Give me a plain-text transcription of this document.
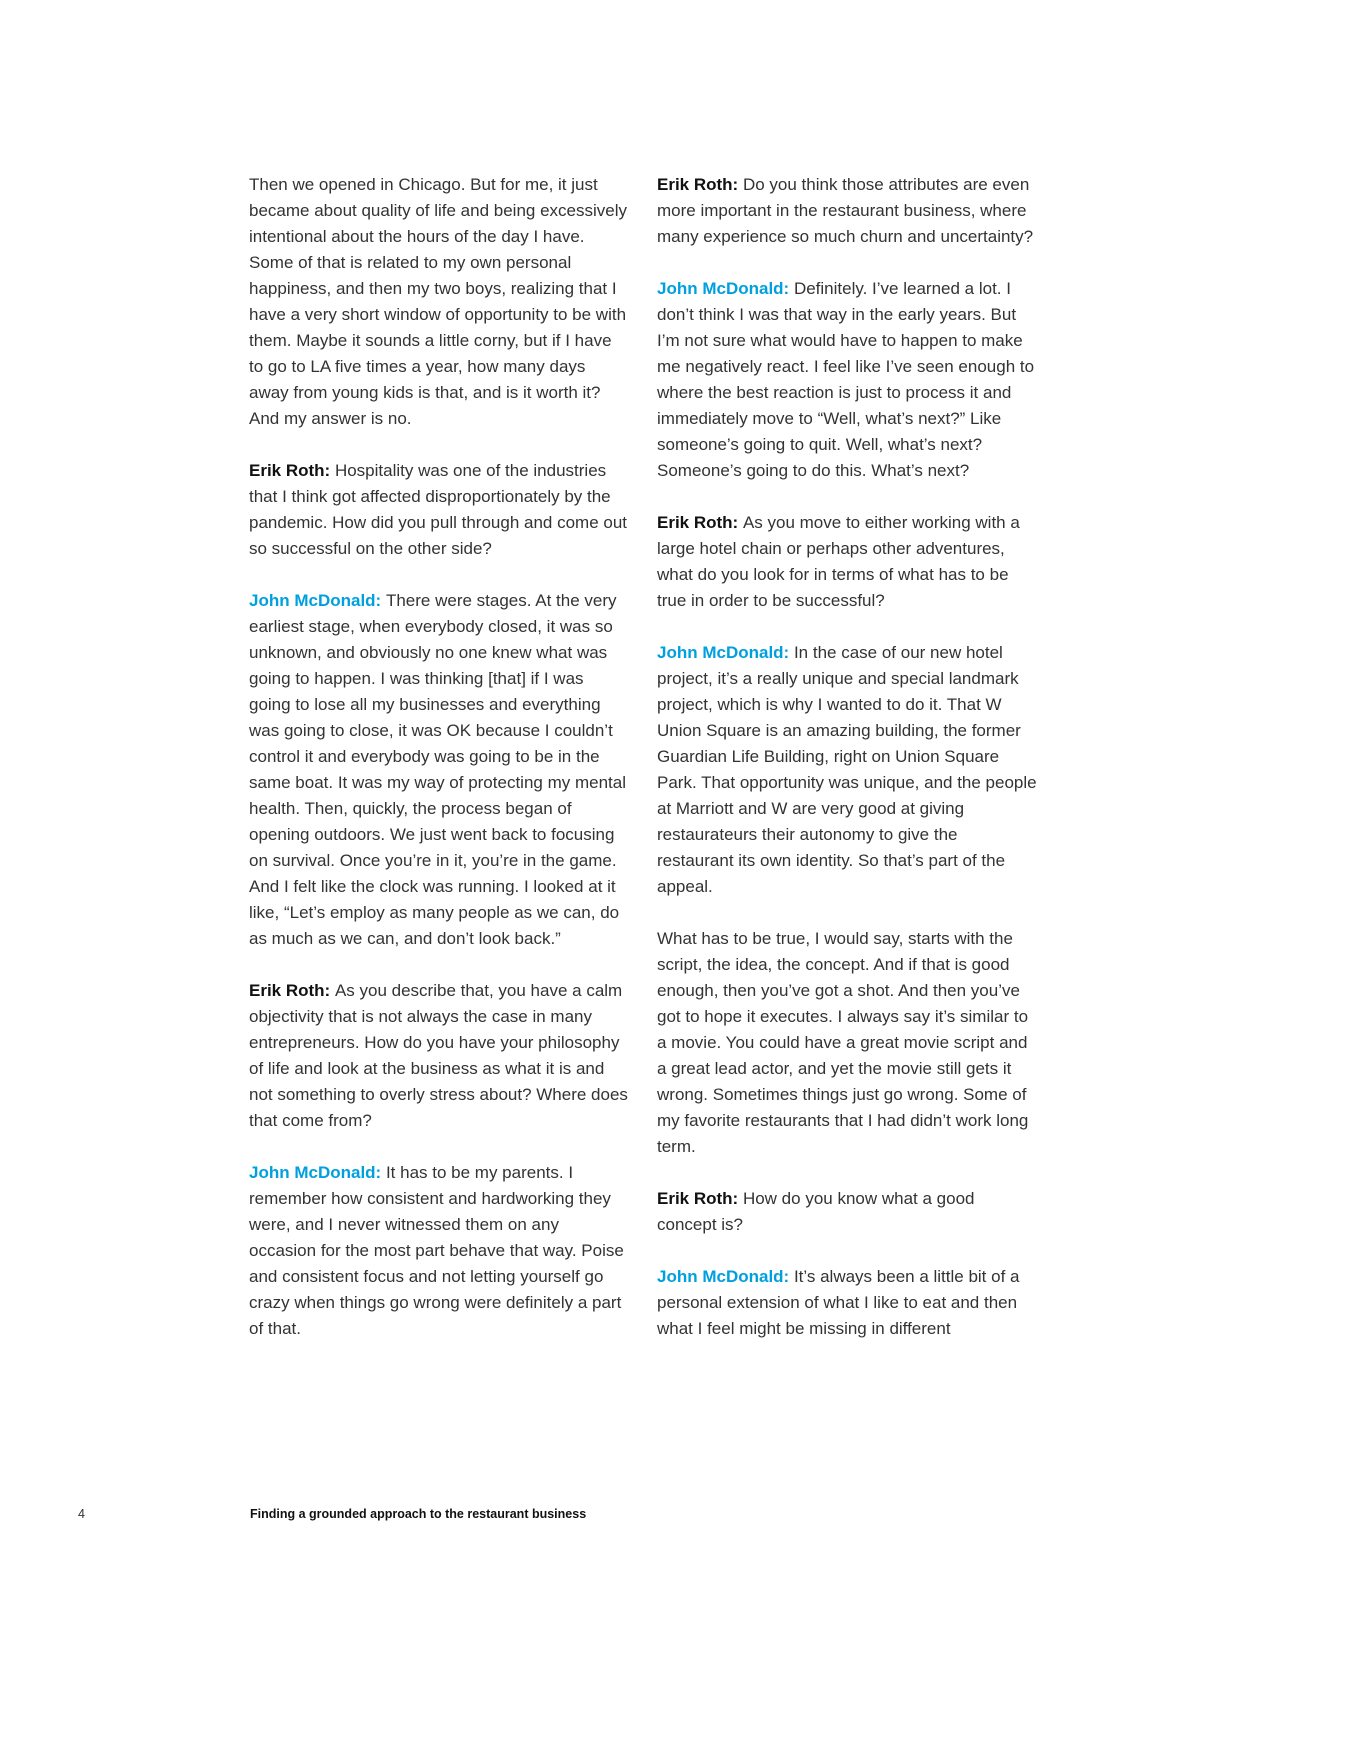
Then we opened in Chicago. But for me, it just became about quality of life and being excessively intentional about the hours of the day I have. Some of that is related to my own personal happiness, and then my two boys, realizing that I have a very short window of opportunity to be with them. Maybe it sounds a little corny, but if I have to go to LA five times a year, how many days away from young kids is that, and is it worth it? And my answer is no.

Erik Roth: Hospitality was one of the industries that I think got affected disproportionately by the pandemic. How did you pull through and come out so successful on the other side?

John McDonald: There were stages. At the very earliest stage, when everybody closed, it was so unknown, and obviously no one knew what was going to happen. I was thinking [that] if I was going to lose all my businesses and everything was going to close, it was OK because I couldn’t control it and everybody was going to be in the same boat. It was my way of protecting my mental health. Then, quickly, the process began of opening outdoors. We just went back to focusing on survival. Once you’re in it, you’re in the game. And I felt like the clock was running. I looked at it like, “Let’s employ as many people as we can, do as much as we can, and don’t look back.”

Erik Roth: As you describe that, you have a calm objectivity that is not always the case in many entrepreneurs. How do you have your philosophy of life and look at the business as what it is and not something to overly stress about? Where does that come from?

John McDonald: It has to be my parents. I remember how consistent and hardworking they were, and I never witnessed them on any occasion for the most part behave that way. Poise and consistent focus and not letting yourself go crazy when things go wrong were definitely a part of that.

Erik Roth: Do you think those attributes are even more important in the restaurant business, where many experience so much churn and uncertainty?

John McDonald: Definitely. I’ve learned a lot. I don’t think I was that way in the early years. But I’m not sure what would have to happen to make me negatively react. I feel like I’ve seen enough to where the best reaction is just to process it and immediately move to “Well, what’s next?” Like someone’s going to quit. Well, what’s next? Someone’s going to do this. What’s next?

Erik Roth: As you move to either working with a large hotel chain or perhaps other adventures, what do you look for in terms of what has to be true in order to be successful?

John McDonald: In the case of our new hotel project, it’s a really unique and special landmark project, which is why I wanted to do it. That W Union Square is an amazing building, the former Guardian Life Building, right on Union Square Park. That opportunity was unique, and the people at Marriott and W are very good at giving restaurateurs their autonomy to give the restaurant its own identity. So that’s part of the appeal.

What has to be true, I would say, starts with the script, the idea, the concept. And if that is good enough, then you’ve got a shot. And then you’ve got to hope it executes. I always say it’s similar to a movie. You could have a great movie script and a great lead actor, and yet the movie still gets it wrong. Sometimes things just go wrong. Some of my favorite restaurants that I had didn’t work long term.

Erik Roth: How do you know what a good concept is?

John McDonald: It’s always been a little bit of a personal extension of what I like to eat and then what I feel might be missing in different

4	Finding a grounded approach to the restaurant business
